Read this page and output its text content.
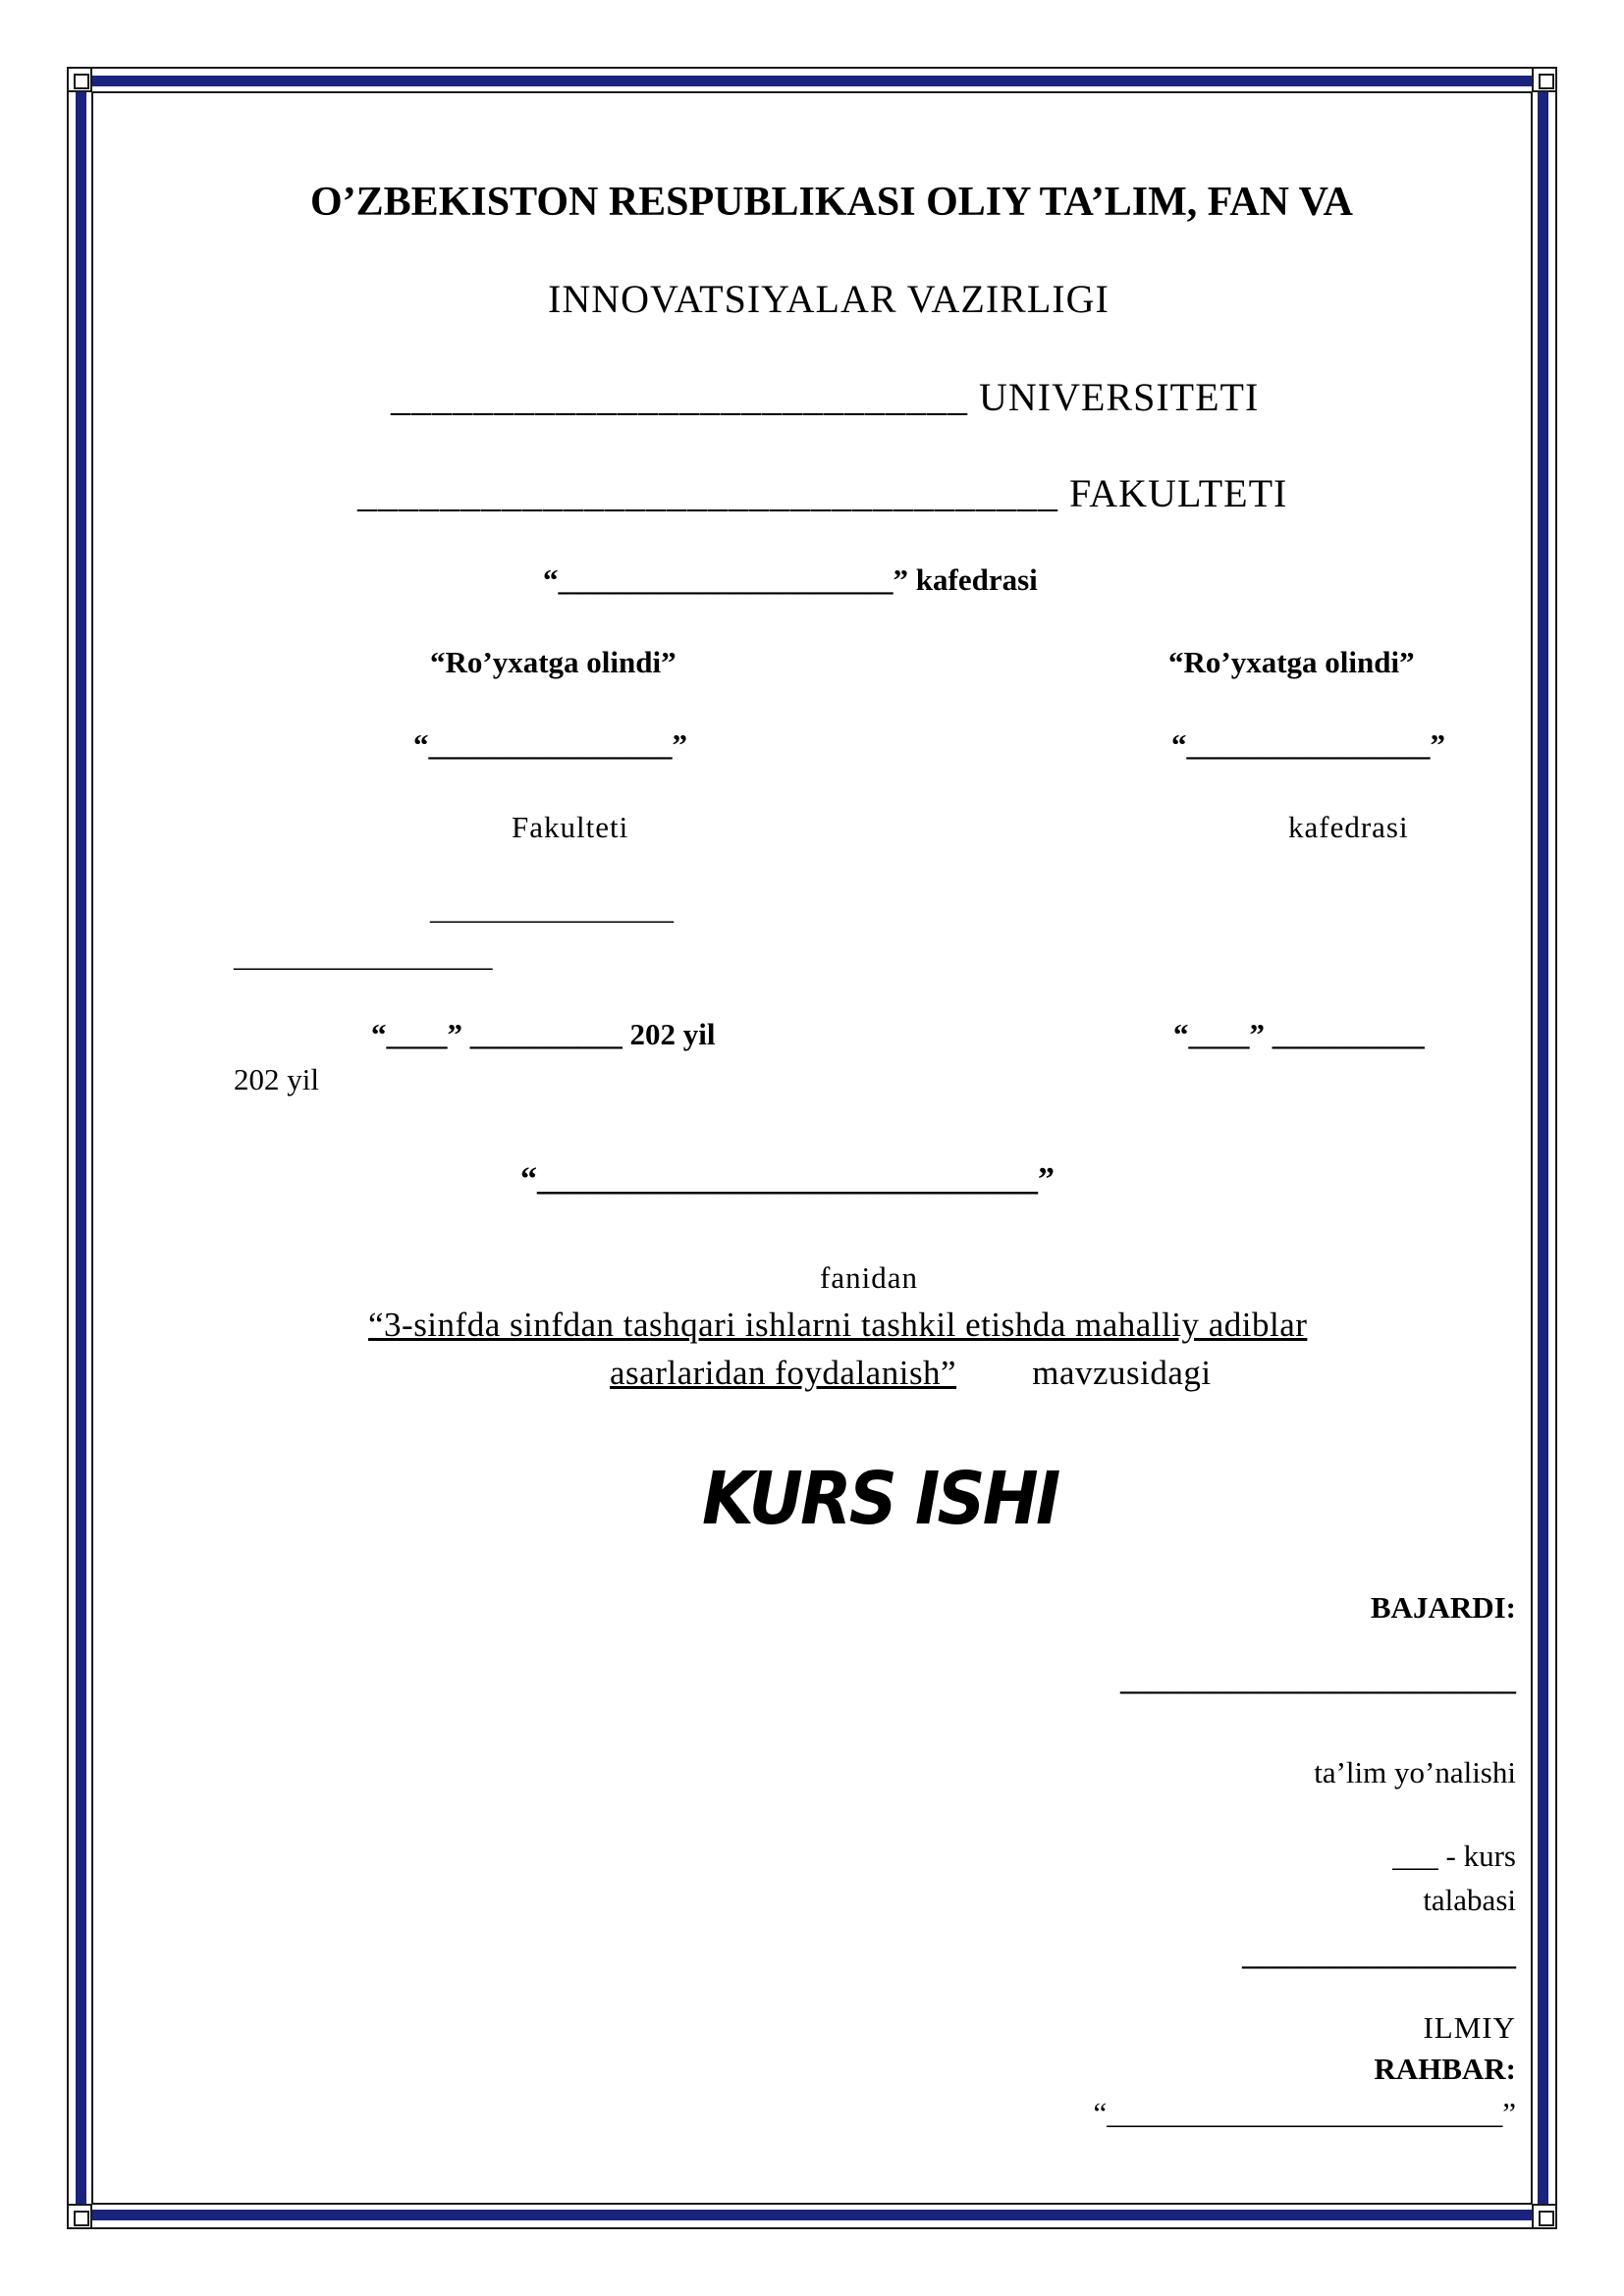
O’ZBEKISTON RESPUBLIKASI OLIY TA’LIM, FAN VA
INNOVATSIYALAR VAZIRLIGI
____________________________ UNIVERSITETI
__________________________________ FAKULTETI
“______________________” kafedrasi
“Ro’yxatga olindi”	“Ro’yxatga olindi”
“________________”	“________________”
Fakulteti	kafedrasi
________________
_________________
“____” __________ 202 yil	“____” __________
202 yil
“______________________________”
fanidan
“3-sinfda sinfdan tashqari ishlarni tashkil etishda mahalliy adiblar
asarlaridan foydalanish” mavzusidagi
KURS ISHI
BAJARDI:
__________________________
ta’lim yo’nalishi
___ - kurs
talabasi
__________________
ILMIY
RAHBAR:
“__________________________”
